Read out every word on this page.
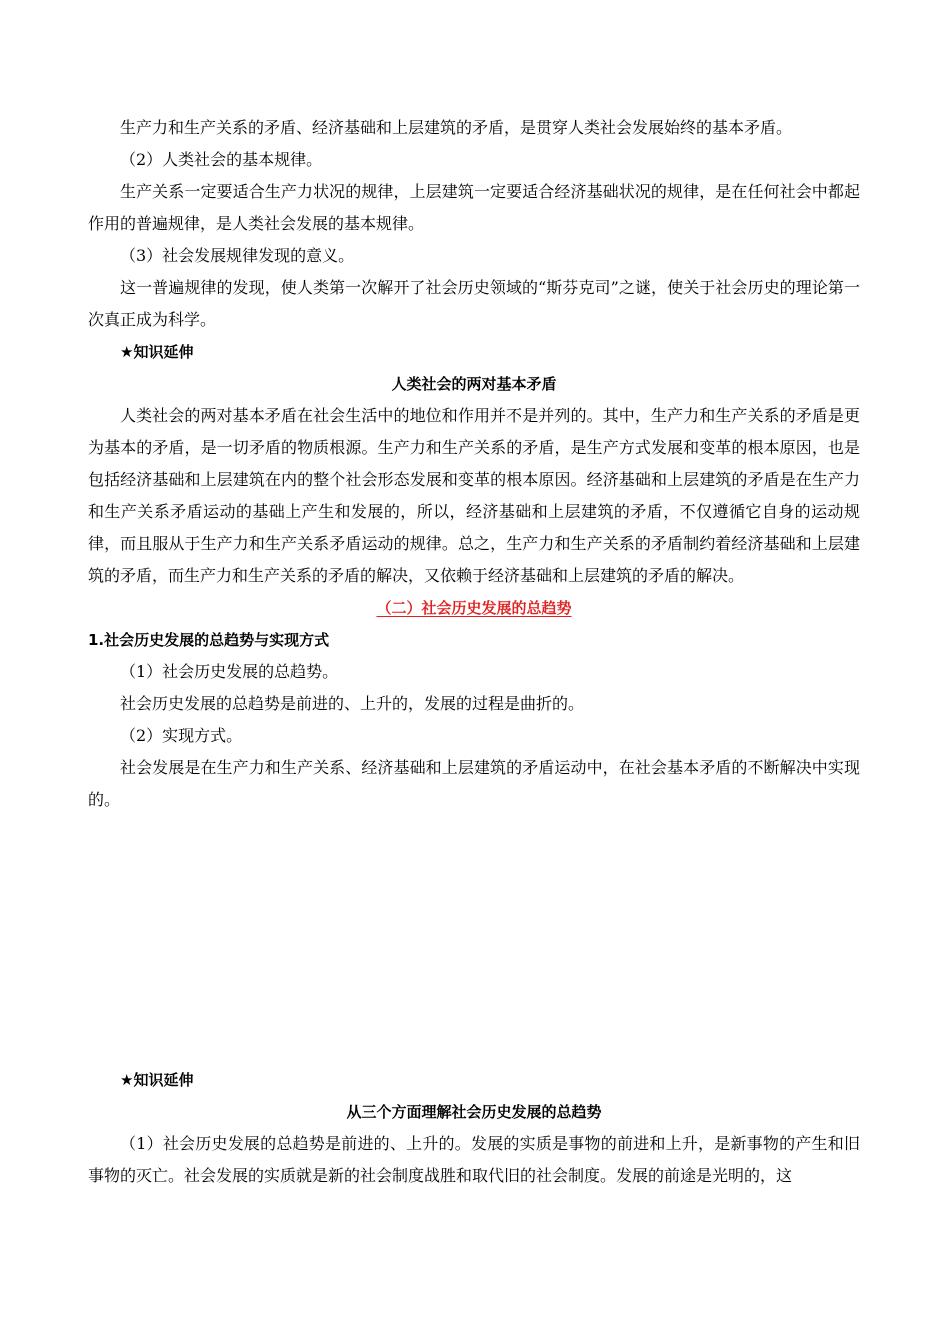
生产力和生产关系的矛盾、经济基础和上层建筑的矛盾，是贯穿人类社会发展始终的基本矛盾。

（2）人类社会的基本规律。

生产关系一定要适合生产力状况的规律，上层建筑一定要适合经济基础状况的规律，是在任何社会中都起作用的普遍规律，是人类社会发展的基本规律。

（3）社会发展规律发现的意义。

这一普遍规律的发现，使人类第一次解开了社会历史领域的“斯芬克司”之谜，使关于社会历史的理论第一次真正成为科学。

★知识延伸

人类社会的两对基本矛盾

人类社会的两对基本矛盾在社会生活中的地位和作用并不是并列的。其中，生产力和生产关系的矛盾是更为基本的矛盾，是一切矛盾的物质根源。生产力和生产关系的矛盾，是生产方式发展和变革的根本原因，也是包括经济基础和上层建筑在内的整个社会形态发展和变革的根本原因。经济基础和上层建筑的矛盾是在生产力和生产关系矛盾运动的基础上产生和发展的，所以，经济基础和上层建筑的矛盾，不仅遵循它自身的运动规律，而且服从于生产力和生产关系矛盾运动的规律。总之，生产力和生产关系的矛盾制约着经济基础和上层建筑的矛盾，而生产力和生产关系的矛盾的解决，又依赖于经济基础和上层建筑的矛盾的解决。

（二）社会历史发展的总趋势

1.社会历史发展的总趋势与实现方式

（1）社会历史发展的总趋势。

社会历史发展的总趋势是前进的、上升的，发展的过程是曲折的。

（2）实现方式。

社会发展是在生产力和生产关系、经济基础和上层建筑的矛盾运动中，在社会基本矛盾的不断解决中实现的。

★知识延伸

从三个方面理解社会历史发展的总趋势

（1）社会历史发展的总趋势是前进的、上升的。发展的实质是事物的前进和上升，是新事物的产生和旧事物的灭亡。社会发展的实质就是新的社会制度战胜和取代旧的社会制度。发展的前途是光明的，这
